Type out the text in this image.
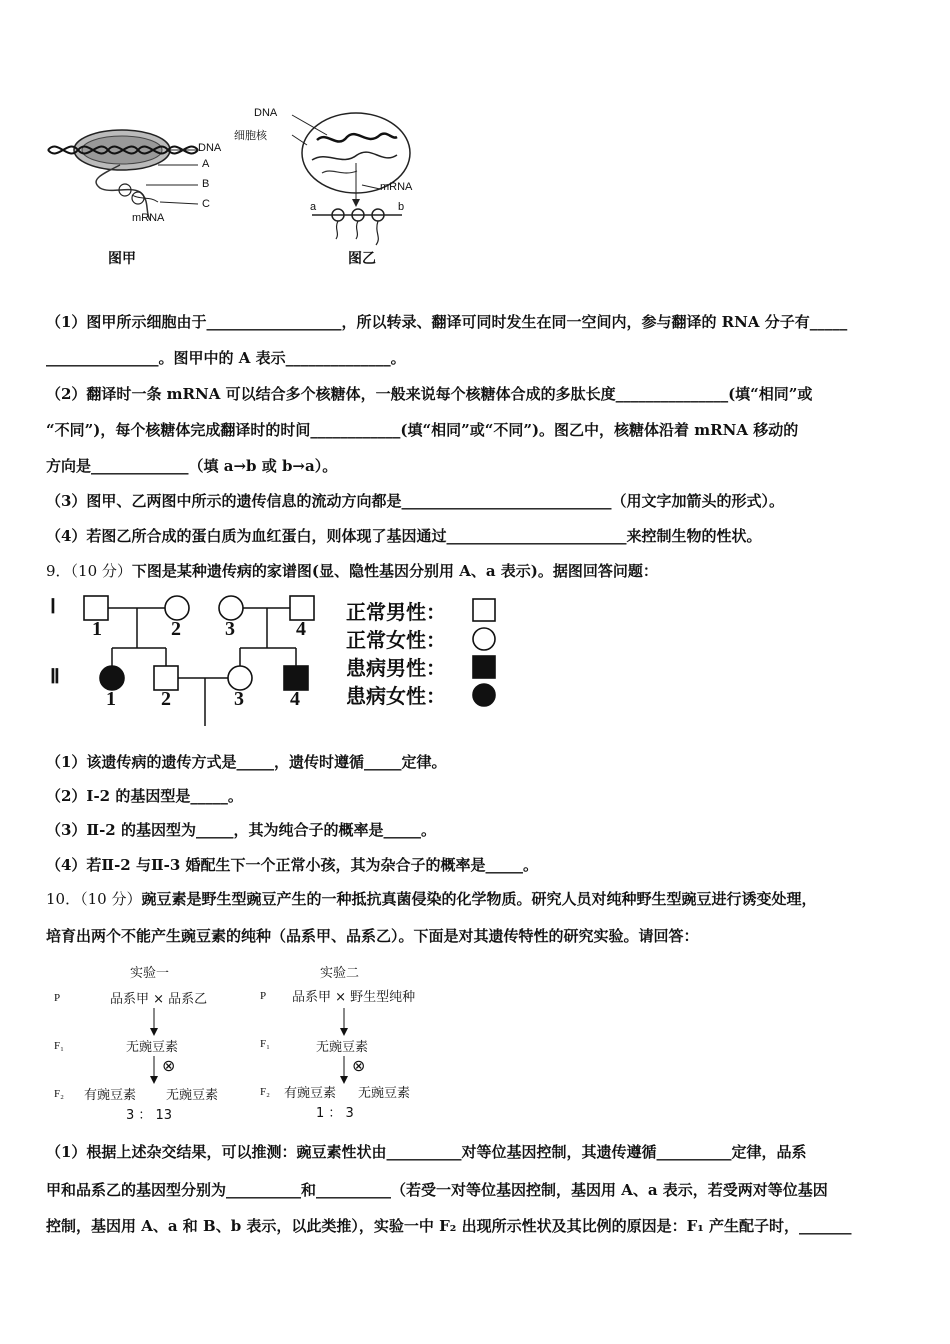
DNA
A
B
C
mRNA
图甲
DNA
细胞核
mRNA
a	b
图乙
（1）图甲所示细胞由于__________________，所以转录、翻译可同时发生在同一空间内，参与翻译的 RNA 分子有_____
_______________。图甲中的 A 表示______________。
（2）翻译时一条 mRNA 可以结合多个核糖体，一般来说每个核糖体合成的多肽长度_______________(填“相同”或
“不同”)，每个核糖体完成翻译时的时间____________(填“相同”或“不同”)。图乙中，核糖体沿着 mRNA 移动的
方向是_____________（填 a→b 或 b→a）。
（3）图甲、乙两图中所示的遗传信息的流动方向都是____________________________（用文字加箭头的形式）。
（4）若图乙所合成的蛋白质为血红蛋白，则体现了基因通过________________________来控制生物的性状。
9．（10 分）下图是某种遗传病的家谱图(显、隐性基因分别用 A、a 表示)。据图回答问题：
Ⅰ
Ⅱ
1	2 3	4
1 2	3 4
正常男性：
正常女性：
患病男性：
患病女性：
（1）该遗传病的遗传方式是_____，遗传时遵循_____定律。
（2）Ⅰ-2 的基因型是_____。
（3）Ⅱ-2 的基因型为_____，其为纯合子的概率是_____。
（4）若Ⅱ-2 与Ⅱ-3 婚配生下一个正常小孩，其为杂合子的概率是_____。
10．（10 分）豌豆素是野生型豌豆产生的一种抵抗真菌侵染的化学物质。研究人员对纯种野生型豌豆进行诱变处理，
培育出两个不能产生豌豆素的纯种（品系甲、品系乙）。下面是对其遗传特性的研究实验。请回答：
实验一
P	品系甲 × 品系乙
F₁	无豌豆素
⊗
F₂ 有豌豆素 无豌豆素
3 ： 13
实验二
P 品系甲 × 野生型纯种
F₁	无豌豆素
⊗
F₂ 有豌豆素 无豌豆素
1 ： 3
（1）根据上述杂交结果，可以推测：豌豆素性状由__________对等位基因控制，其遗传遵循__________定律，品系
甲和品系乙的基因型分别为__________和__________（若受一对等位基因控制，基因用 A、a 表示，若受两对等位基因
控制，基因用 A、a 和 B、b 表示，以此类推），实验一中 F₂ 出现所示性状及其比例的原因是：F₁ 产生配子时，_______
